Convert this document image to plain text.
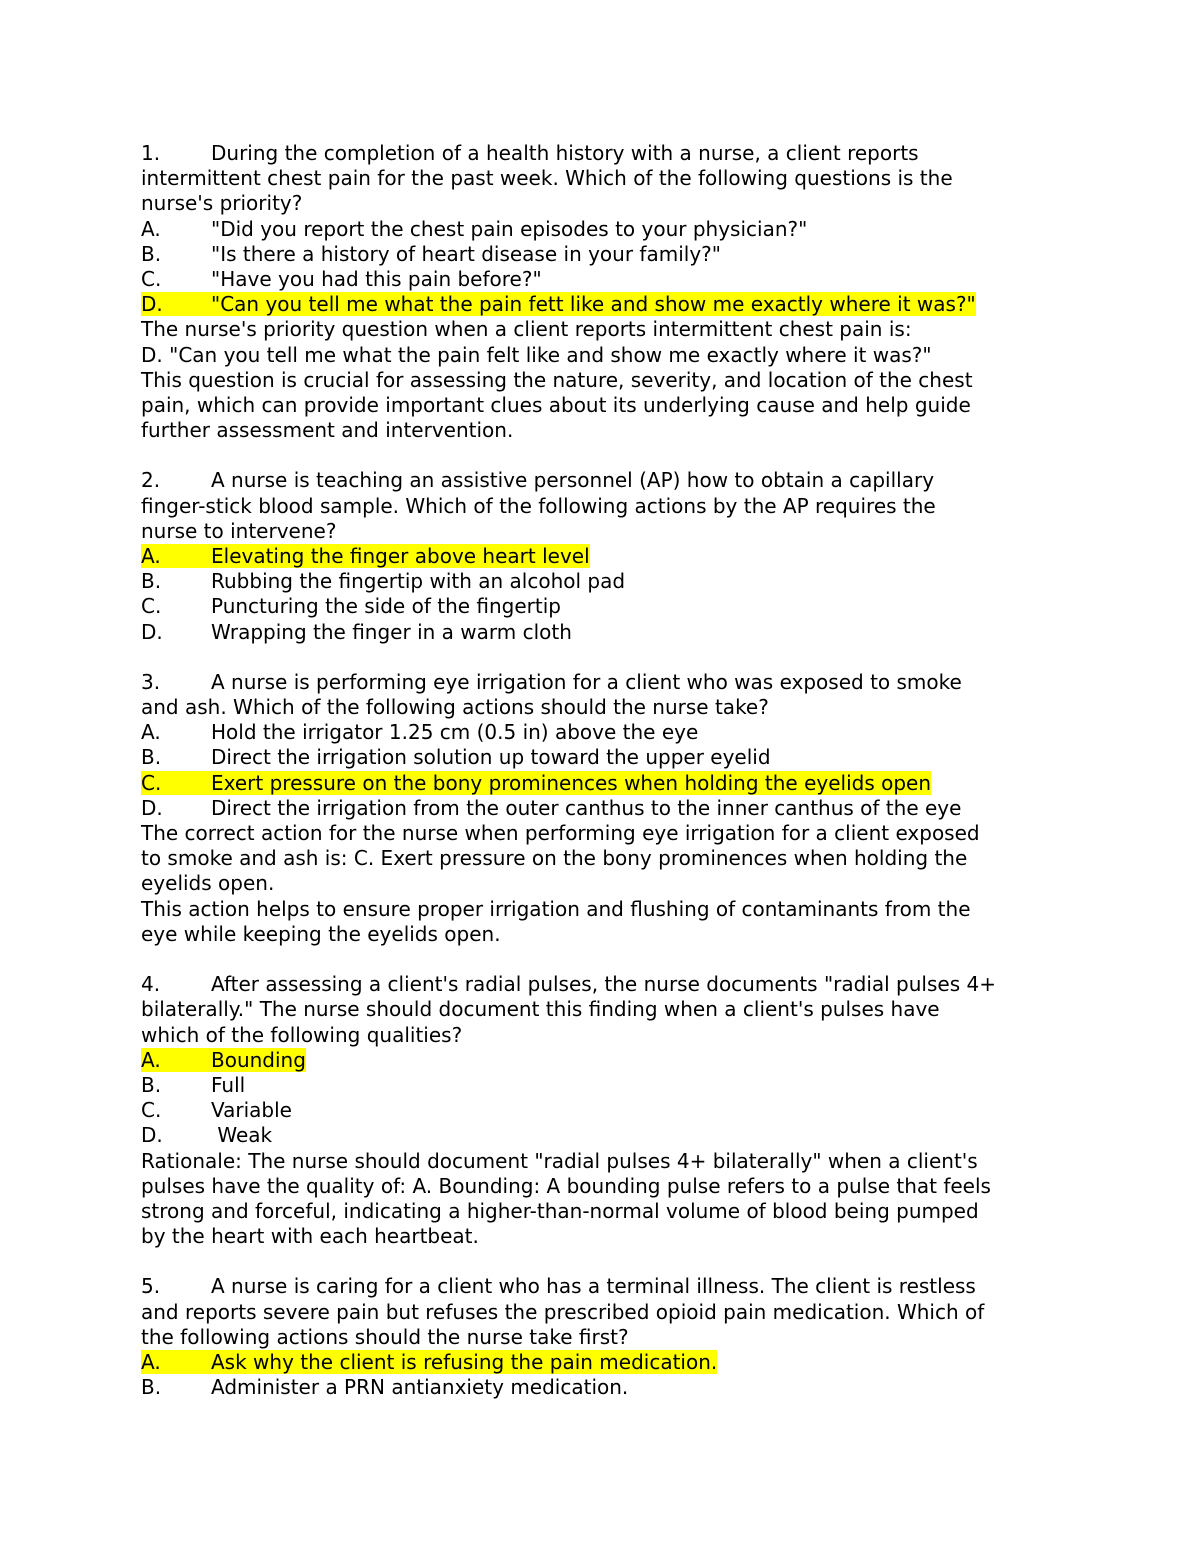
1.	During the completion of a health history with a nurse, a client reports
intermittent chest pain for the past week. Which of the following questions is the
nurse's priority?
A.	"Did you report the chest pain episodes to your physician?"
B. "Is there a history of heart disease in your family?"
C. "Have you had this pain before?"
D. "Can you tell me what the pain fett like and show me exactly where it was?"
The nurse's priority question when a client reports intermittent chest pain is:
D. "Can you tell me what the pain felt like and show me exactly where it was?"
This question is crucial for assessing the nature, severity, and location of the chest
pain, which can provide important clues about its underlying cause and help guide
further assessment and intervention.
2.	A nurse is teaching an assistive personnel (AP) how to obtain a capillary
finger-stick blood sample. Which of the following actions by the AP requires the
nurse to intervene?
A.	Elevating the finger above heart level
B. Rubbing the fingertip with an alcohol pad
C. Puncturing the side of the fingertip
D. Wrapping the finger in a warm cloth
3.	A nurse is performing eye irrigation for a client who was exposed to smoke
and ash. Which of the following actions should the nurse take?
A.	Hold the irrigator 1.25 cm (0.5 in) above the eye
B. Direct the irrigation solution up toward the upper eyelid
C. Exert pressure on the bony prominences when holding the eyelids open
D. Direct the irrigation from the outer canthus to the inner canthus of the eye
The correct action for the nurse when performing eye irrigation for a client exposed
to smoke and ash is: C. Exert pressure on the bony prominences when holding the
eyelids open.
This action helps to ensure proper irrigation and flushing of contaminants from the
eye while keeping the eyelids open.
4.	After assessing a client's radial pulses, the nurse documents "radial pulses 4+
bilaterally." The nurse should document this finding when a client's pulses have
which of the following qualities?
A.	Bounding
B. Full
C. Variable
D. Weak
Rationale: The nurse should document "radial pulses 4+ bilaterally" when a client's
pulses have the quality of: A. Bounding: A bounding pulse refers to a pulse that feels
strong and forceful, indicating a higher-than-normal volume of blood being pumped
by the heart with each heartbeat.
5.	A nurse is caring for a client who has a terminal illness. The client is restless
and reports severe pain but refuses the prescribed opioid pain medication. Which of
the following actions should the nurse take first?
A.	Ask why the client is refusing the pain medication.
B. Administer a PRN antianxiety medication.
